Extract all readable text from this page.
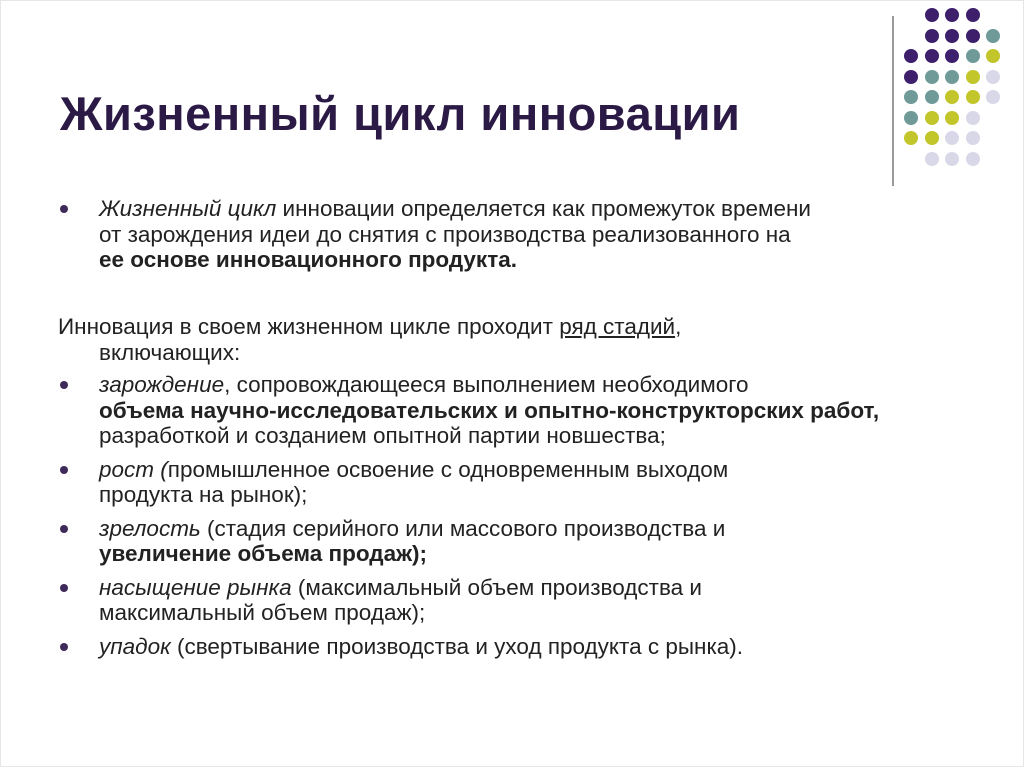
Жизненный цикл инновации

Жизненный цикл инновации определяется как промежуток времени

от зарождения идеи до снятия с производства реализованного на

ее основе инновационного продукта.

Инновация в своем жизненном цикле проходит ряд стадий,

включающих:

зарождение, сопровождающееся выполнением необходимого

объема научно-исследовательских и опытно-конструкторских работ,

разработкой и созданием опытной партии новшества;

рост (промышленное освоение с одновременным выходом

продукта на рынок);

зрелость (стадия серийного или массового производства и

увеличение объема продаж);

насыщение рынка (максимальный объем производства и

максимальный объем продаж);

упадок (свертывание производства и уход продукта с рынка).
